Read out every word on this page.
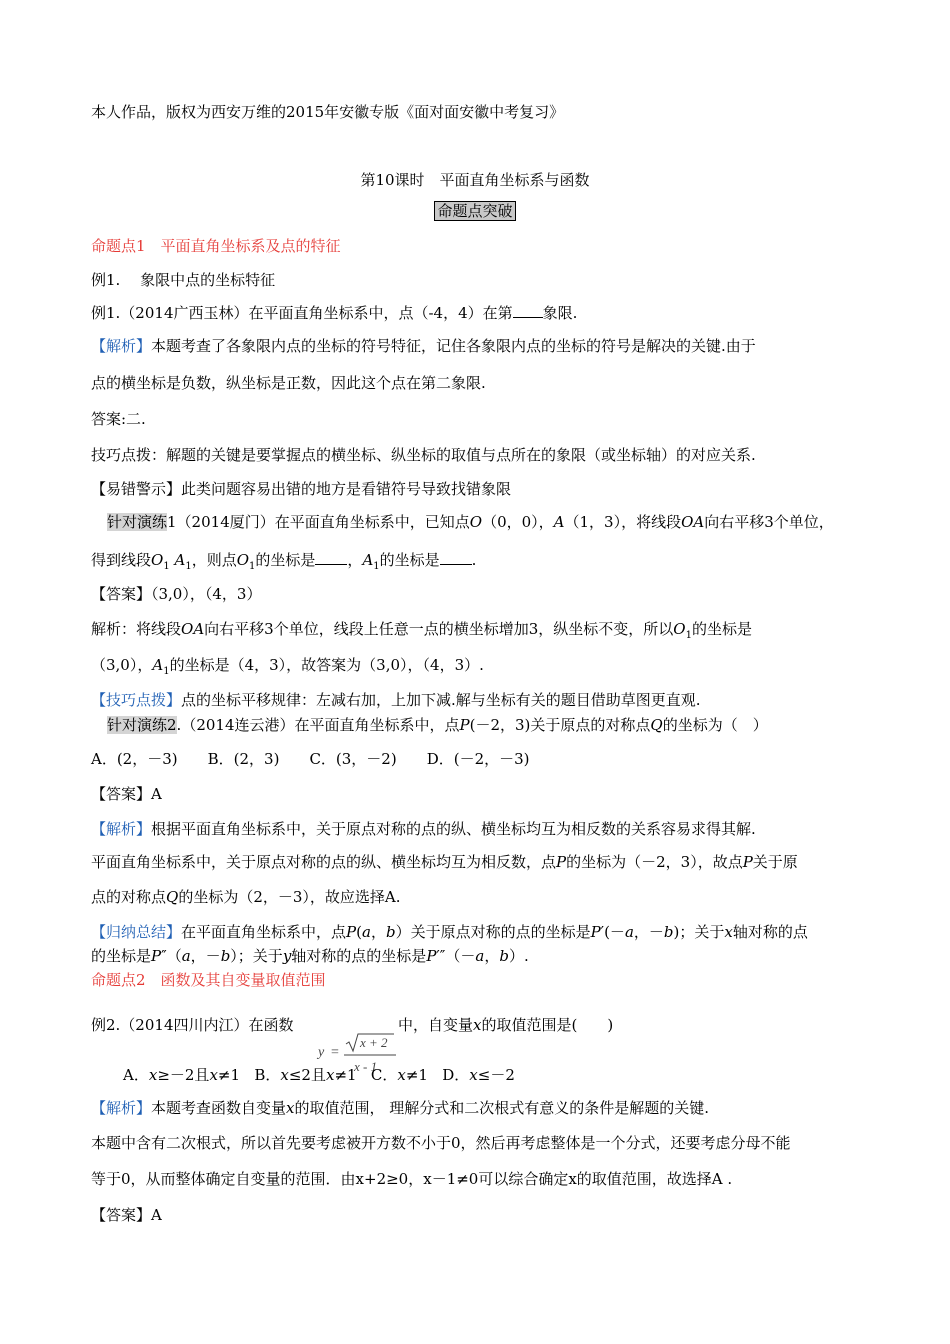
本人作品，版权为西安万维的2015年安徽专版《面对面安徽中考复习》
第10课时　平面直角坐标系与函数
命题点突破
命题点1　平面直角坐标系及点的特征
例1.　 象限中点的坐标特征
例1.（2014广西玉林）在平面直角坐标系中，点（-4，4）在第 象限.
【解析】本题考查了各象限内点的坐标的符号特征，记住各象限内点的坐标的符号是解决的关键.由于
点的横坐标是负数，纵坐标是正数，因此这个点在第二象限.
答案:二.
技巧点拨：解题的关键是要掌握点的横坐标、纵坐标的取值与点所在的象限（或坐标轴）的对应关系.
【易错警示】此类问题容易出错的地方是看错符号导致找错象限
针对演练1（2014厦门）在平面直角坐标系中，已知点O（0，0），A（1，3），将线段OA向右平移3个单位，
得到线段$O_1$ $A_1$，则点$O_1$的坐标是 ，$A_1$的坐标是 .
【答案】（3,0），（4，3）
解析：将线段OA向右平移3个单位，线段上任意一点的横坐标增加3，纵坐标不变，所以$O_1$的坐标是
（3,0），$A_1$的坐标是（4，3），故答案为（3,0），（4，3）.
【技巧点拨】点的坐标平移规律：左减右加，上加下减.解与坐标有关的题目借助草图更直观.
针对演练2.（2014连云港）在平面直角坐标系中，点P(－2，3)关于原点的对称点Q的坐标为（　）
A．(2，－3)　　B．(2，3)　　C．(3，－2)　　D．(－2，－3)
【答案】A
【解析】根据平面直角坐标系中，关于原点对称的点的纵、横坐标均互为相反数的关系容易求得其解.
平面直角坐标系中，关于原点对称的点的纵、横坐标均互为相反数，点P的坐标为（－2，3），故点P关于原
点的对称点Q的坐标为（2，－3），故应选择A.
【归纳总结】在平面直角坐标系中，点P(a，b）关于原点对称的点的坐标是P′(－a，－b)；关于x轴对称的点
的坐标是P″（a，－b）；关于y轴对称的点的坐标是P′″（－a，b）.
命题点2　函数及其自变量取值范围
例2.（2014四川内江）在函数
y =
x + 2
x - 1
中，自变量x的取值范围是(　　)
A．x≥－2且x≠1 B．x≤2且x≠1 C．x≠1 D．x≤－2
【解析】本题考查函数自变量x的取值范围， 理解分式和二次根式有意义的条件是解题的关键.
本题中含有二次根式，所以首先要考虑被开方数不小于0，然后再考虑整体是一个分式，还要考虑分母不能
等于0，从而整体确定自变量的范围．由x+2≥0，x－1≠0可以综合确定x的取值范围，故选择A .
【答案】A
